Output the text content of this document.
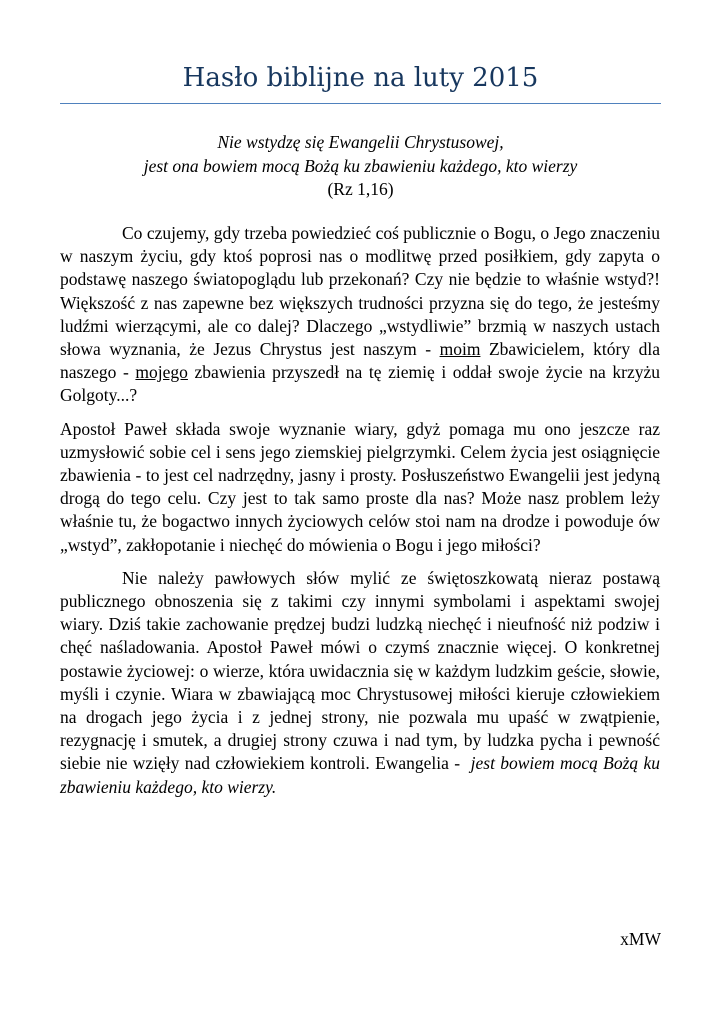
Hasło biblijne na luty 2015
Nie wstydzę się Ewangelii Chrystusowej,
jest ona bowiem mocą Bożą ku zbawieniu każdego, kto wierzy
(Rz 1,16)

Co czujemy, gdy trzeba powiedzieć coś publicznie o Bogu, o Jego znaczeniu w naszym życiu, gdy ktoś poprosi nas o modlitwę przed posiłkiem, gdy zapyta o podstawę naszego światopoglądu lub przekonań? Czy nie będzie to właśnie wstyd?! Większość z nas zapewne bez większych trudności przyzna się do tego, że jesteśmy ludźmi wierzącymi, ale co dalej? Dlaczego „wstydliwie” brzmią w naszych ustach słowa wyznania, że Jezus Chrystus jest naszym - moim Zbawicielem, który dla naszego - mojego zbawienia przyszedł na tę ziemię i oddał swoje życie na krzyżu Golgoty...?

Apostoł Paweł składa swoje wyznanie wiary, gdyż pomaga mu ono jeszcze raz uzmysłowić sobie cel i sens jego ziemskiej pielgrzymki. Celem życia jest osiągnięcie zbawienia - to jest cel nadrzędny, jasny i prosty. Posłuszeństwo Ewangelii jest jedyną drogą do tego celu. Czy jest to tak samo proste dla nas? Może nasz problem leży właśnie tu, że bogactwo innych życiowych celów stoi nam na drodze i powoduje ów „wstyd”, zakłopotanie i niechęć do mówienia o Bogu i jego miłości?

Nie należy pawłowych słów mylić ze świętoszkowatą nieraz postawą publicznego obnoszenia się z takimi czy innymi symbolami i aspektami swojej wiary. Dziś takie zachowanie prędzej budzi ludzką niechęć i nieufność niż podziw i chęć naśladowania. Apostoł Paweł mówi o czymś znacznie więcej. O konkretnej postawie życiowej: o wierze, która uwidacznia się w każdym ludzkim geście, słowie, myśli i czynie. Wiara w zbawiającą moc Chrystusowej miłości kieruje człowiekiem na drogach jego życia i z jednej strony, nie pozwala mu upaść w zwątpienie, rezygnację i smutek, a drugiej strony czuwa i nad tym, by ludzka pycha i pewność siebie nie wzięły nad człowiekiem kontroli. Ewangelia - jest bowiem mocą Bożą ku zbawieniu każdego, kto wierzy.

xMW
